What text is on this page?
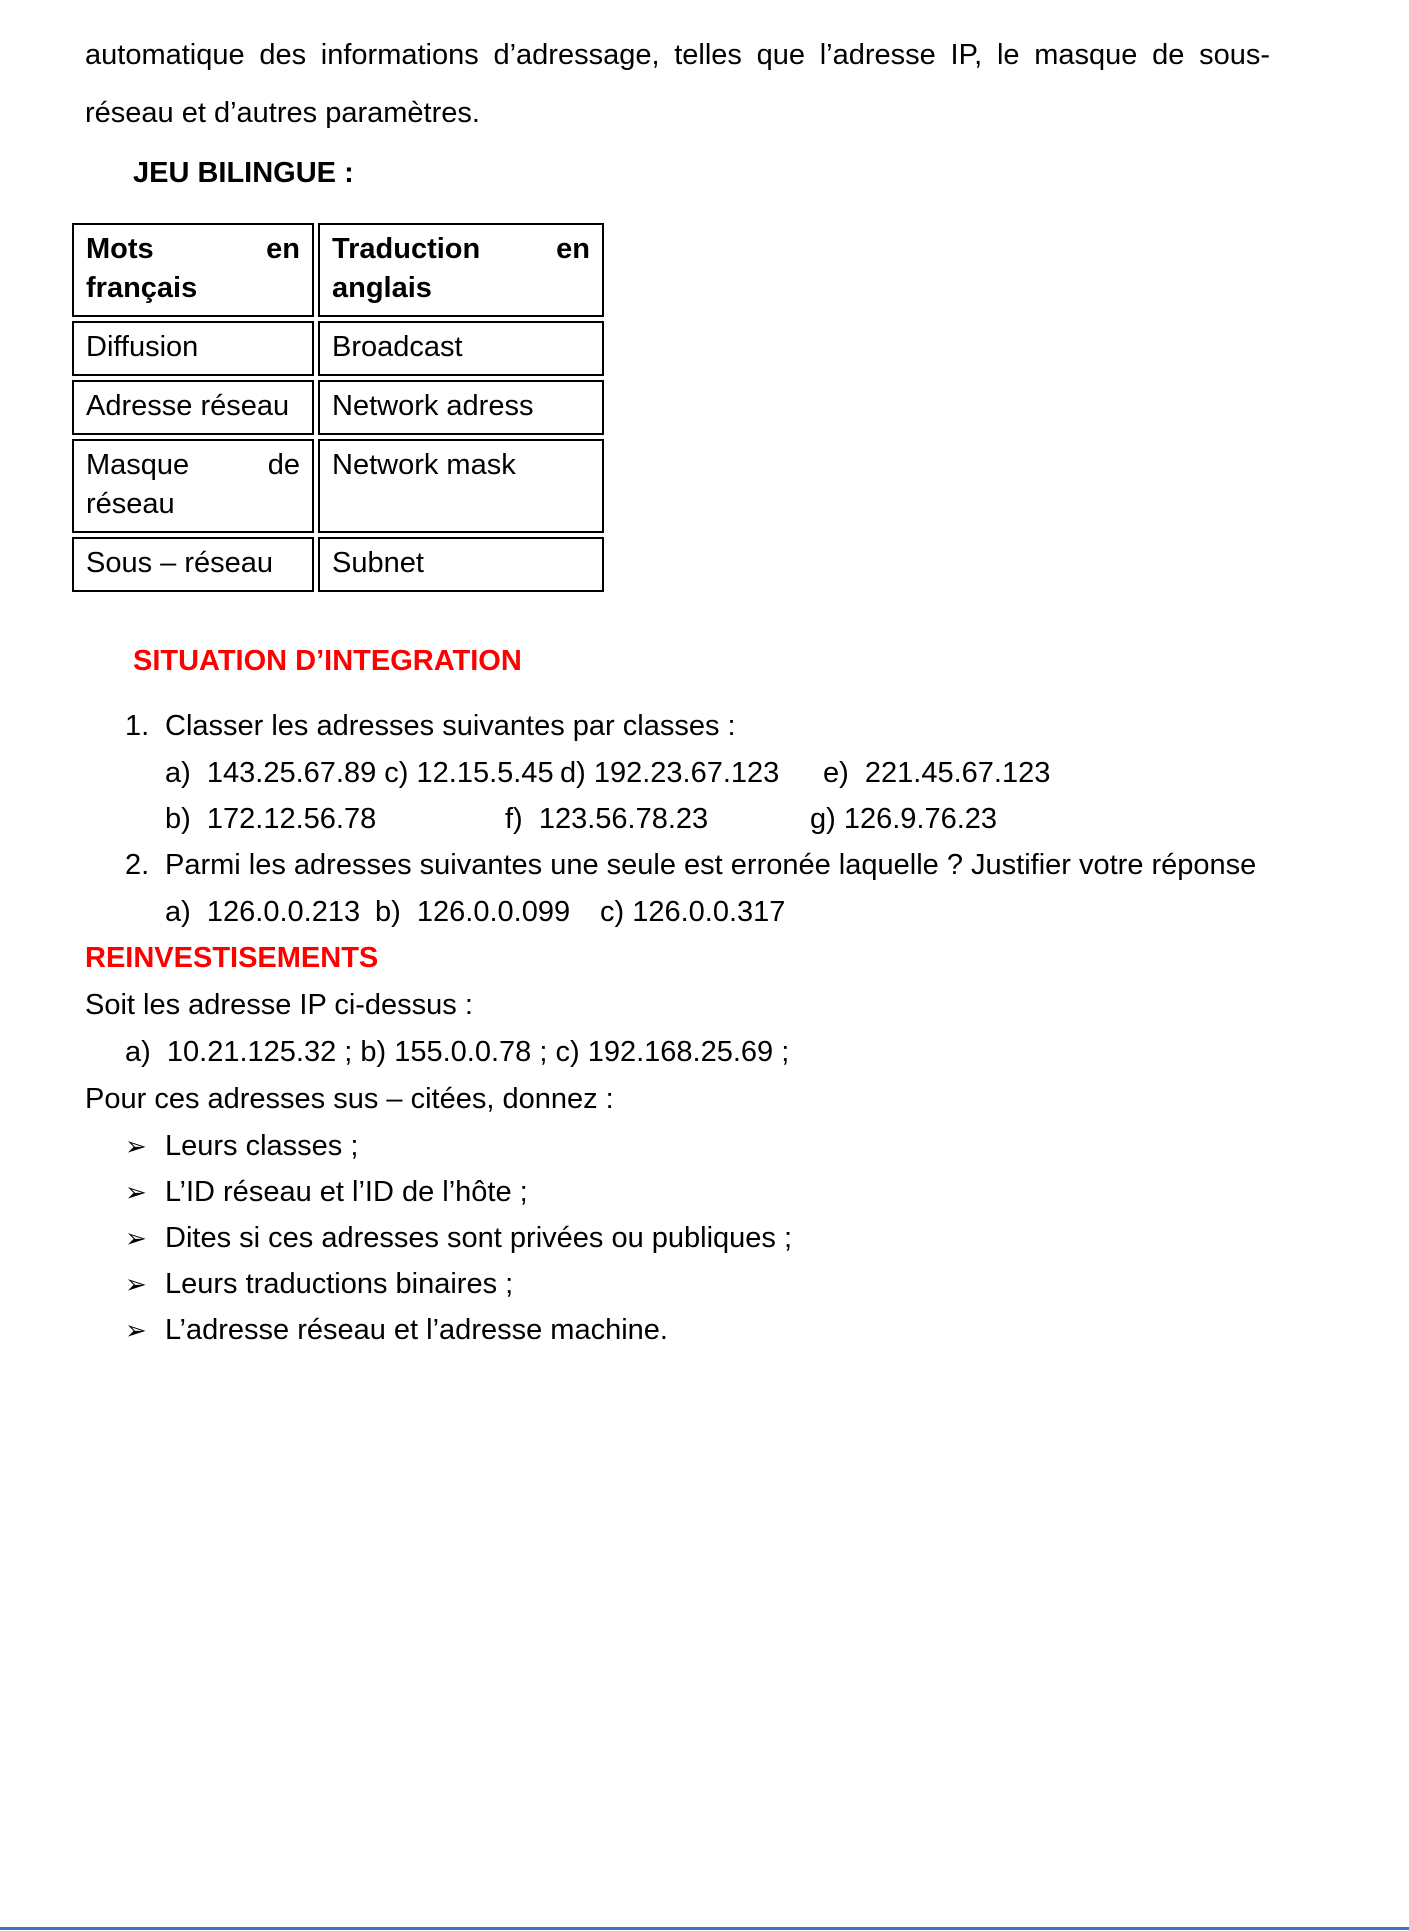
automatique des informations d’adressage, telles que l’adresse IP, le masque de sous-réseau et d’autres paramètres.

JEU BILINGUE :
Mots en français	Traduction en anglais
Diffusion	Broadcast
Adresse réseau	Network adress
Masque de réseau	Network mask
Sous – réseau	Subnet
SITUATION D’INTEGRATION
1. Classer les adresses suivantes par classes :
a)  143.25.67.89 c) 12.15.5.45 d) 192.23.67.123 e)  221.45.67.123
b)  172.12.56.78	f)  123.56.78.23	g) 126.9.76.23
2. Parmi les adresses suivantes une seule est erronée laquelle ? Justifier votre réponse
a)  126.0.0.213 b)  126.0.0.099 c) 126.0.0.317
REINVESTISEMENTS
Soit les adresse IP ci-dessus :
a)  10.21.125.32 ; b) 155.0.0.78 ; c) 192.168.25.69 ;
Pour ces adresses sus – citées, donnez :
➢ Leurs classes ;
➢ L’ID réseau et l’ID de l’hôte ;
➢ Dites si ces adresses sont privées ou publiques ;
➢ Leurs traductions binaires ;
➢ L’adresse réseau et l’adresse machine.
